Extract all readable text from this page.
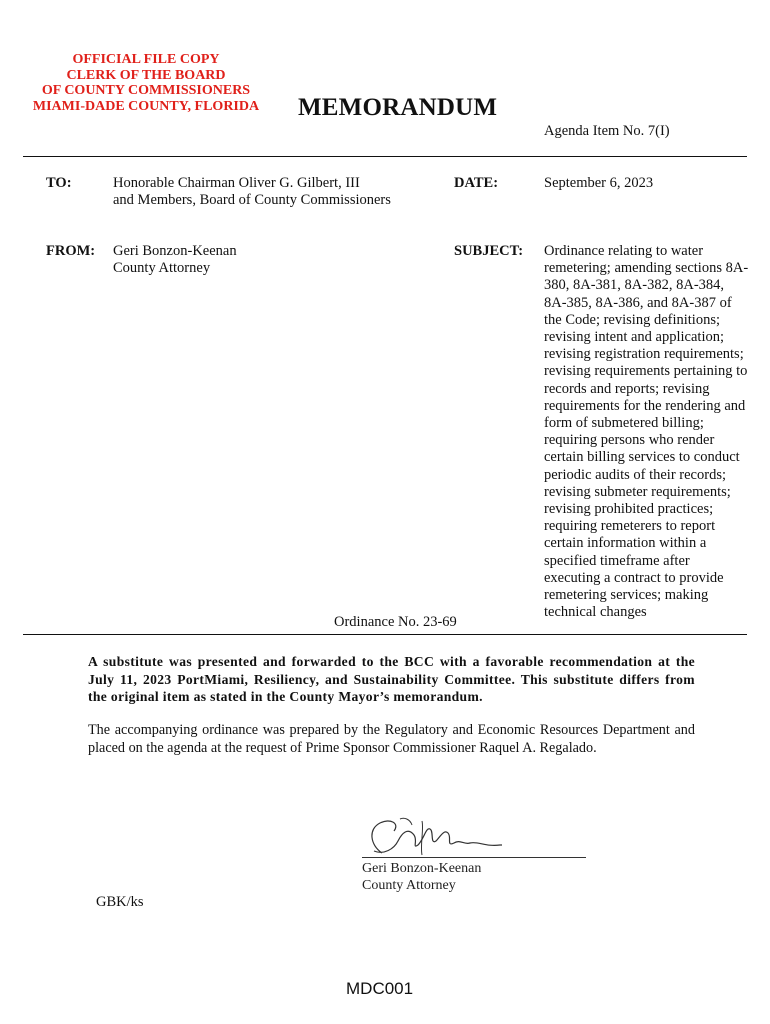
OFFICIAL FILE COPY
CLERK OF THE BOARD
OF COUNTY COMMISSIONERS
MIAMI-DADE COUNTY, FLORIDA	MEMORANDUM
Agenda Item No. 7(I)
TO:	Honorable Chairman Oliver G. Gilbert, III
and Members, Board of County Commissioners
DATE:	September 6, 2023
FROM: Geri Bonzon-Keenan
County Attorney
SUBJECT: Ordinance relating to water
remetering; amending sections 8A-
380, 8A-381, 8A-382, 8A-384,
8A-385, 8A-386, and 8A-387 of
the Code; revising definitions;
revising intent and application;
revising registration requirements;
revising requirements pertaining to
records and reports; revising
requirements for the rendering and
form of submetered billing;
requiring persons who render
certain billing services to conduct
periodic audits of their records;
revising submeter requirements;
revising prohibited practices;
requiring remeterers to report
certain information within a
specified timeframe after
executing a contract to provide
remetering services; making
technical changes
Ordinance No. 23-69
A substitute was presented and forwarded to the BCC with a favorable recommendation at the July 11, 2023 PortMiami, Resiliency, and Sustainability Committee. This substitute differs from the original item as stated in the County Mayor’s memorandum.
The accompanying ordinance was prepared by the Regulatory and Economic Resources Department and placed on the agenda at the request of Prime Sponsor Commissioner Raquel A. Regalado.
Geri Bonzon-Keenan
County Attorney
GBK/ks
MDC001
